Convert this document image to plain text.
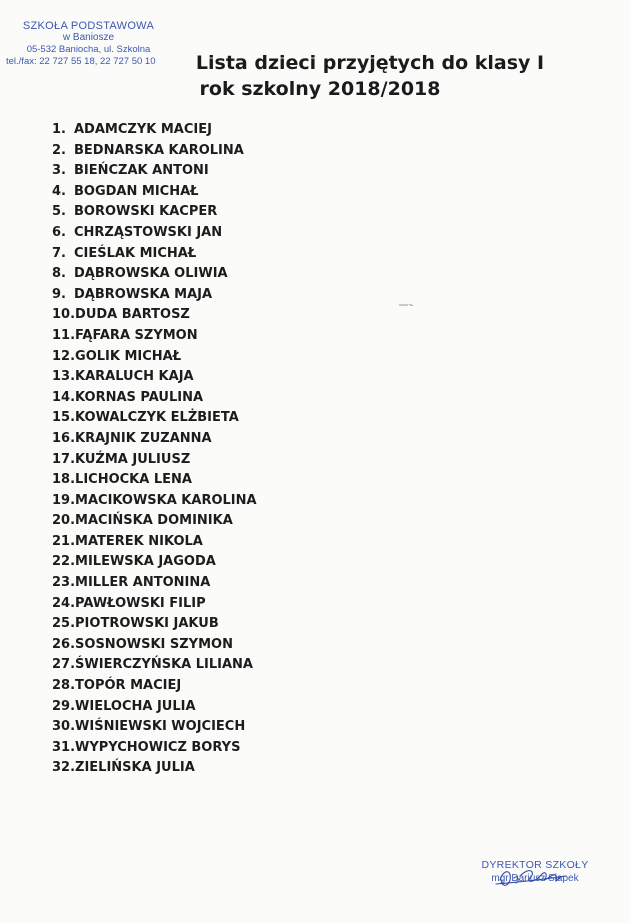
SZKOŁA PODSTAWOWA
w Baniosze
05-532 Baniocha, ul. Szkolna
tel./fax: 22 727 55 18, 22 727 50 10	Lista dzieci przyjętych do klasy I
rok szkolny 2018/2018
1. ADAMCZYK MACIEJ
2. BEDNARSKA KAROLINA
3. BIEŃCZAK ANTONI
4. BOGDAN MICHAŁ
5. BOROWSKI KACPER
6. CHRZĄSTOWSKI JAN
7. CIEŚLAK MICHAŁ
8. DĄBROWSKA OLIWIA
9. DĄBROWSKA MAJA
10.DUDA BARTOSZ
11.FĄFARA SZYMON
12.GOLIK MICHAŁ
13.KARALUCH KAJA
14.KORNAS PAULINA
15.KOWALCZYK ELŻBIETA
16.KRAJNIK ZUZANNA
17.KUŹMA JULIUSZ
18.LICHOCKA LENA
19.MACIKOWSKA KAROLINA
20.MACIŃSKA DOMINIKA
21.MATEREK NIKOLA
22.MILEWSKA JAGODA
23.MILLER ANTONINA
24.PAWŁOWSKI FILIP
25.PIOTROWSKI JAKUB
26.SOSNOWSKI SZYMON
27.ŚWIERCZYŃSKA LILIANA
28.TOPÓR MACIEJ
29.WIELOCHA JULIA
30.WIŚNIEWSKI WOJCIECH
31.WYPYCHOWICZ BORYS
32.ZIELIŃSKA JULIA
DYREKTOR SZKOŁY
mgr Dariusz Słapek
